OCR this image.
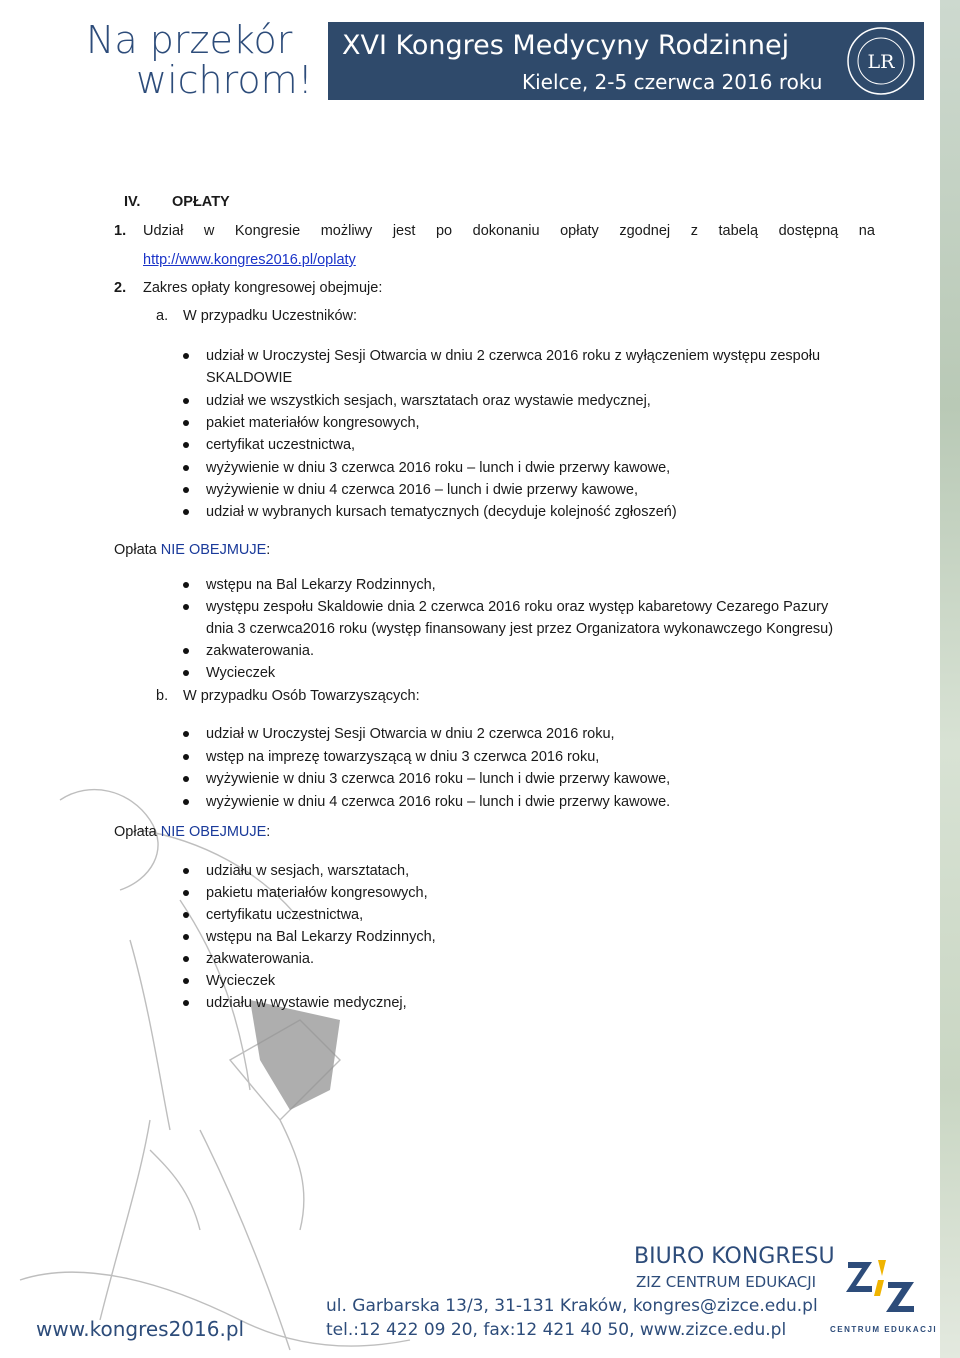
Na przekór
wichrom!
XVI Kongres Medycyny Rodzinnej
Kielce, 2-5 czerwca 2016 roku
LR
IV. OPŁATY
1. Udział w Kongresie możliwy jest po dokonaniu opłaty zgodnej z tabelą dostępną na
http://www.kongres2016.pl/oplaty
2. Zakres opłaty kongresowej obejmuje:
a. W przypadku Uczestników:
udział w Uroczystej Sesji Otwarcia w dniu 2 czerwca 2016 roku z wyłączeniem występu zespołu
SKALDOWIE
udział we wszystkich sesjach, warsztatach oraz wystawie medycznej,
pakiet materiałów kongresowych,
certyfikat uczestnictwa,
wyżywienie w dniu 3 czerwca 2016 roku – lunch i dwie przerwy kawowe,
wyżywienie w dniu 4 czerwca 2016 – lunch i dwie przerwy kawowe,
udział w wybranych kursach tematycznych (decyduje kolejność zgłoszeń)
Opłata NIE OBEJMUJE:
wstępu na Bal Lekarzy Rodzinnych,
występu zespołu Skaldowie dnia 2 czerwca 2016 roku oraz występ kabaretowy Cezarego Pazury
dnia 3 czerwca2016 roku (występ finansowany jest przez Organizatora wykonawczego Kongresu)
zakwaterowania.
Wycieczek
b. W przypadku Osób Towarzyszących:
udział w Uroczystej Sesji Otwarcia w dniu 2 czerwca 2016 roku,
wstęp na imprezę towarzyszącą w dniu 3 czerwca 2016 roku,
wyżywienie w dniu 3 czerwca 2016 roku – lunch i dwie przerwy kawowe,
wyżywienie w dniu 4 czerwca 2016 roku – lunch i dwie przerwy kawowe.
Opłata NIE OBEJMUJE:
udziału w sesjach, warsztatach,
pakietu materiałów kongresowych,
certyfikatu uczestnictwa,
wstępu na Bal Lekarzy Rodzinnych,
zakwaterowania.
Wycieczek
udziału w wystawie medycznej,
www.kongres2016.pl
BIURO KONGRESU
ZIZ CENTRUM EDUKACJI
ul. Garbarska 13/3, 31-131 Kraków, kongres@zizce.edu.pl
tel.:12 422 09 20, fax:12 421 40 50, www.zizce.edu.pl	CENTRUM EDUKACJI
